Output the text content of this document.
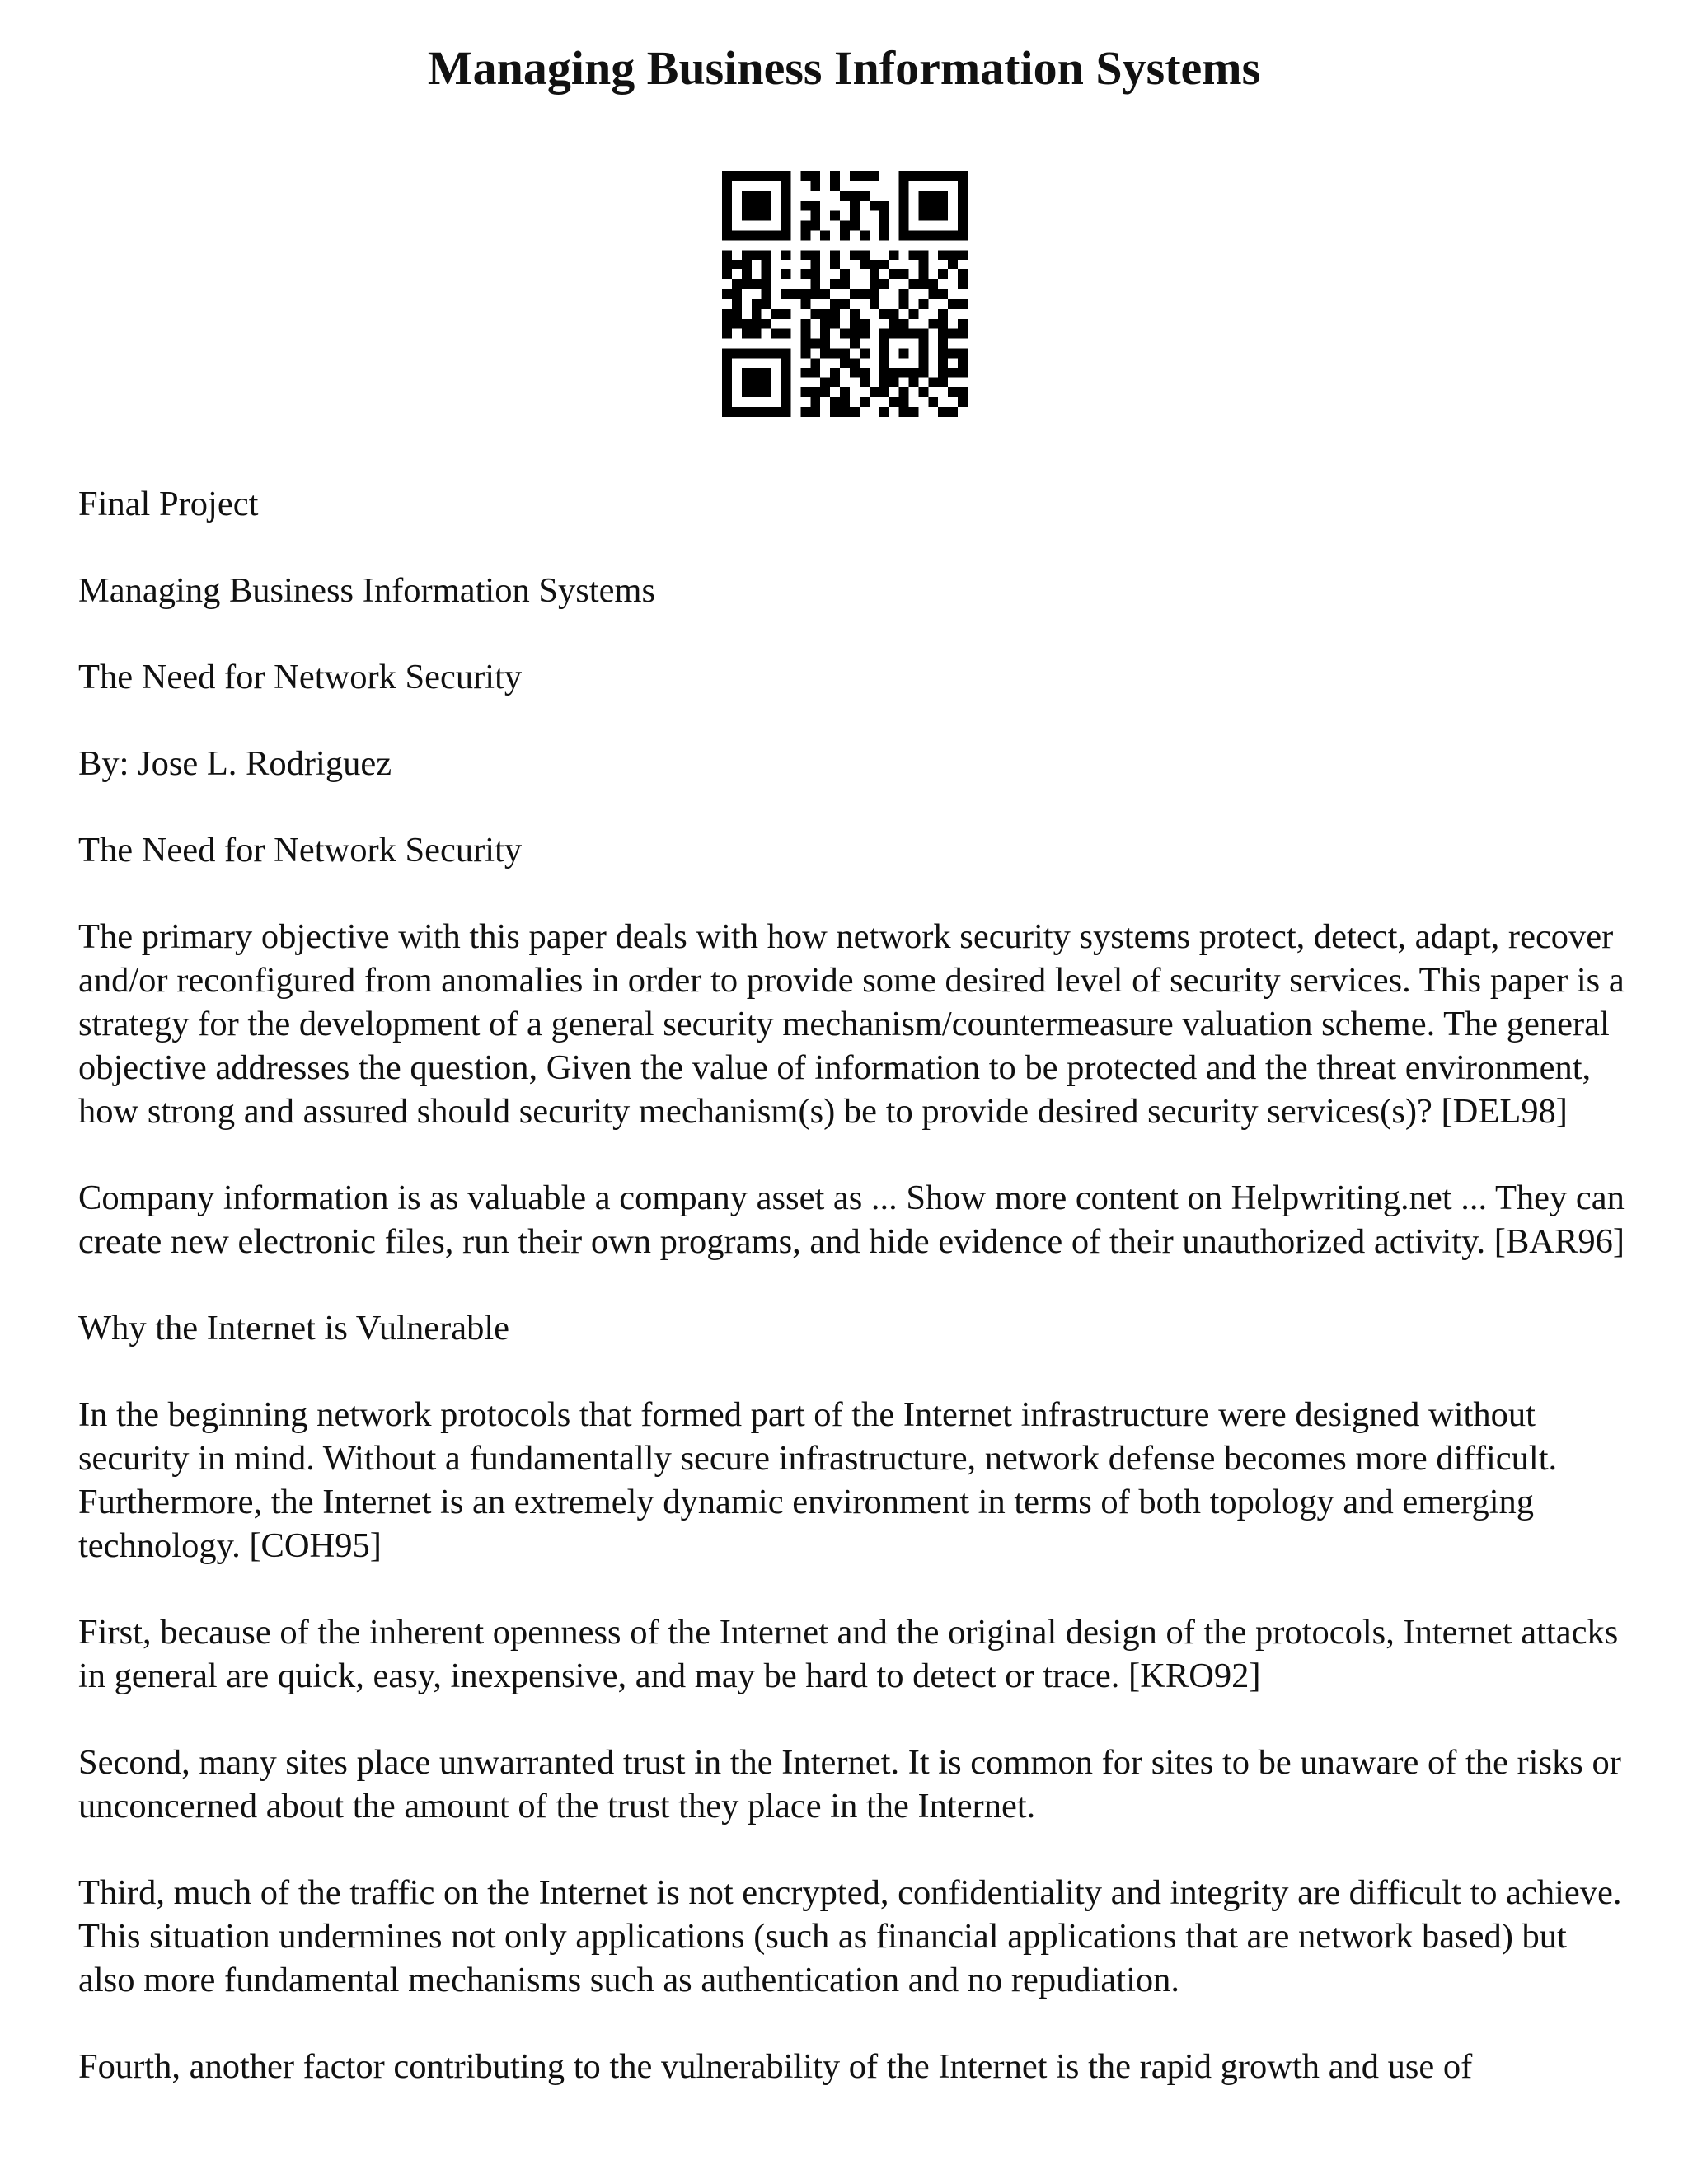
Managing Business Information Systems

Final Project

Managing Business Information Systems

The Need for Network Security

By: Jose L. Rodriguez

The Need for Network Security

The primary objective with this paper deals with how network security systems protect, detect, adapt, recover and/or reconfigured from anomalies in order to provide some desired level of security services. This paper is a strategy for the development of a general security mechanism/countermeasure valuation scheme. The general objective addresses the question, Given the value of information to be protected and the threat environment, how strong and assured should security mechanism(s) be to provide desired security services(s)? [DEL98]

Company information is as valuable a company asset as ... Show more content on Helpwriting.net ... They can create new electronic files, run their own programs, and hide evidence of their unauthorized activity. [BAR96]

Why the Internet is Vulnerable

In the beginning network protocols that formed part of the Internet infrastructure were designed without security in mind. Without a fundamentally secure infrastructure, network defense becomes more difficult. Furthermore, the Internet is an extremely dynamic environment in terms of both topology and emerging technology. [COH95]

First, because of the inherent openness of the Internet and the original design of the protocols, Internet attacks in general are quick, easy, inexpensive, and may be hard to detect or trace. [KRO92]

Second, many sites place unwarranted trust in the Internet. It is common for sites to be unaware of the risks or unconcerned about the amount of the trust they place in the Internet.

Third, much of the traffic on the Internet is not encrypted, confidentiality and integrity are difficult to achieve. This situation undermines not only applications (such as financial applications that are network based) but also more fundamental mechanisms such as authentication and no repudiation.

Fourth, another factor contributing to the vulnerability of the Internet is the rapid growth and use of
